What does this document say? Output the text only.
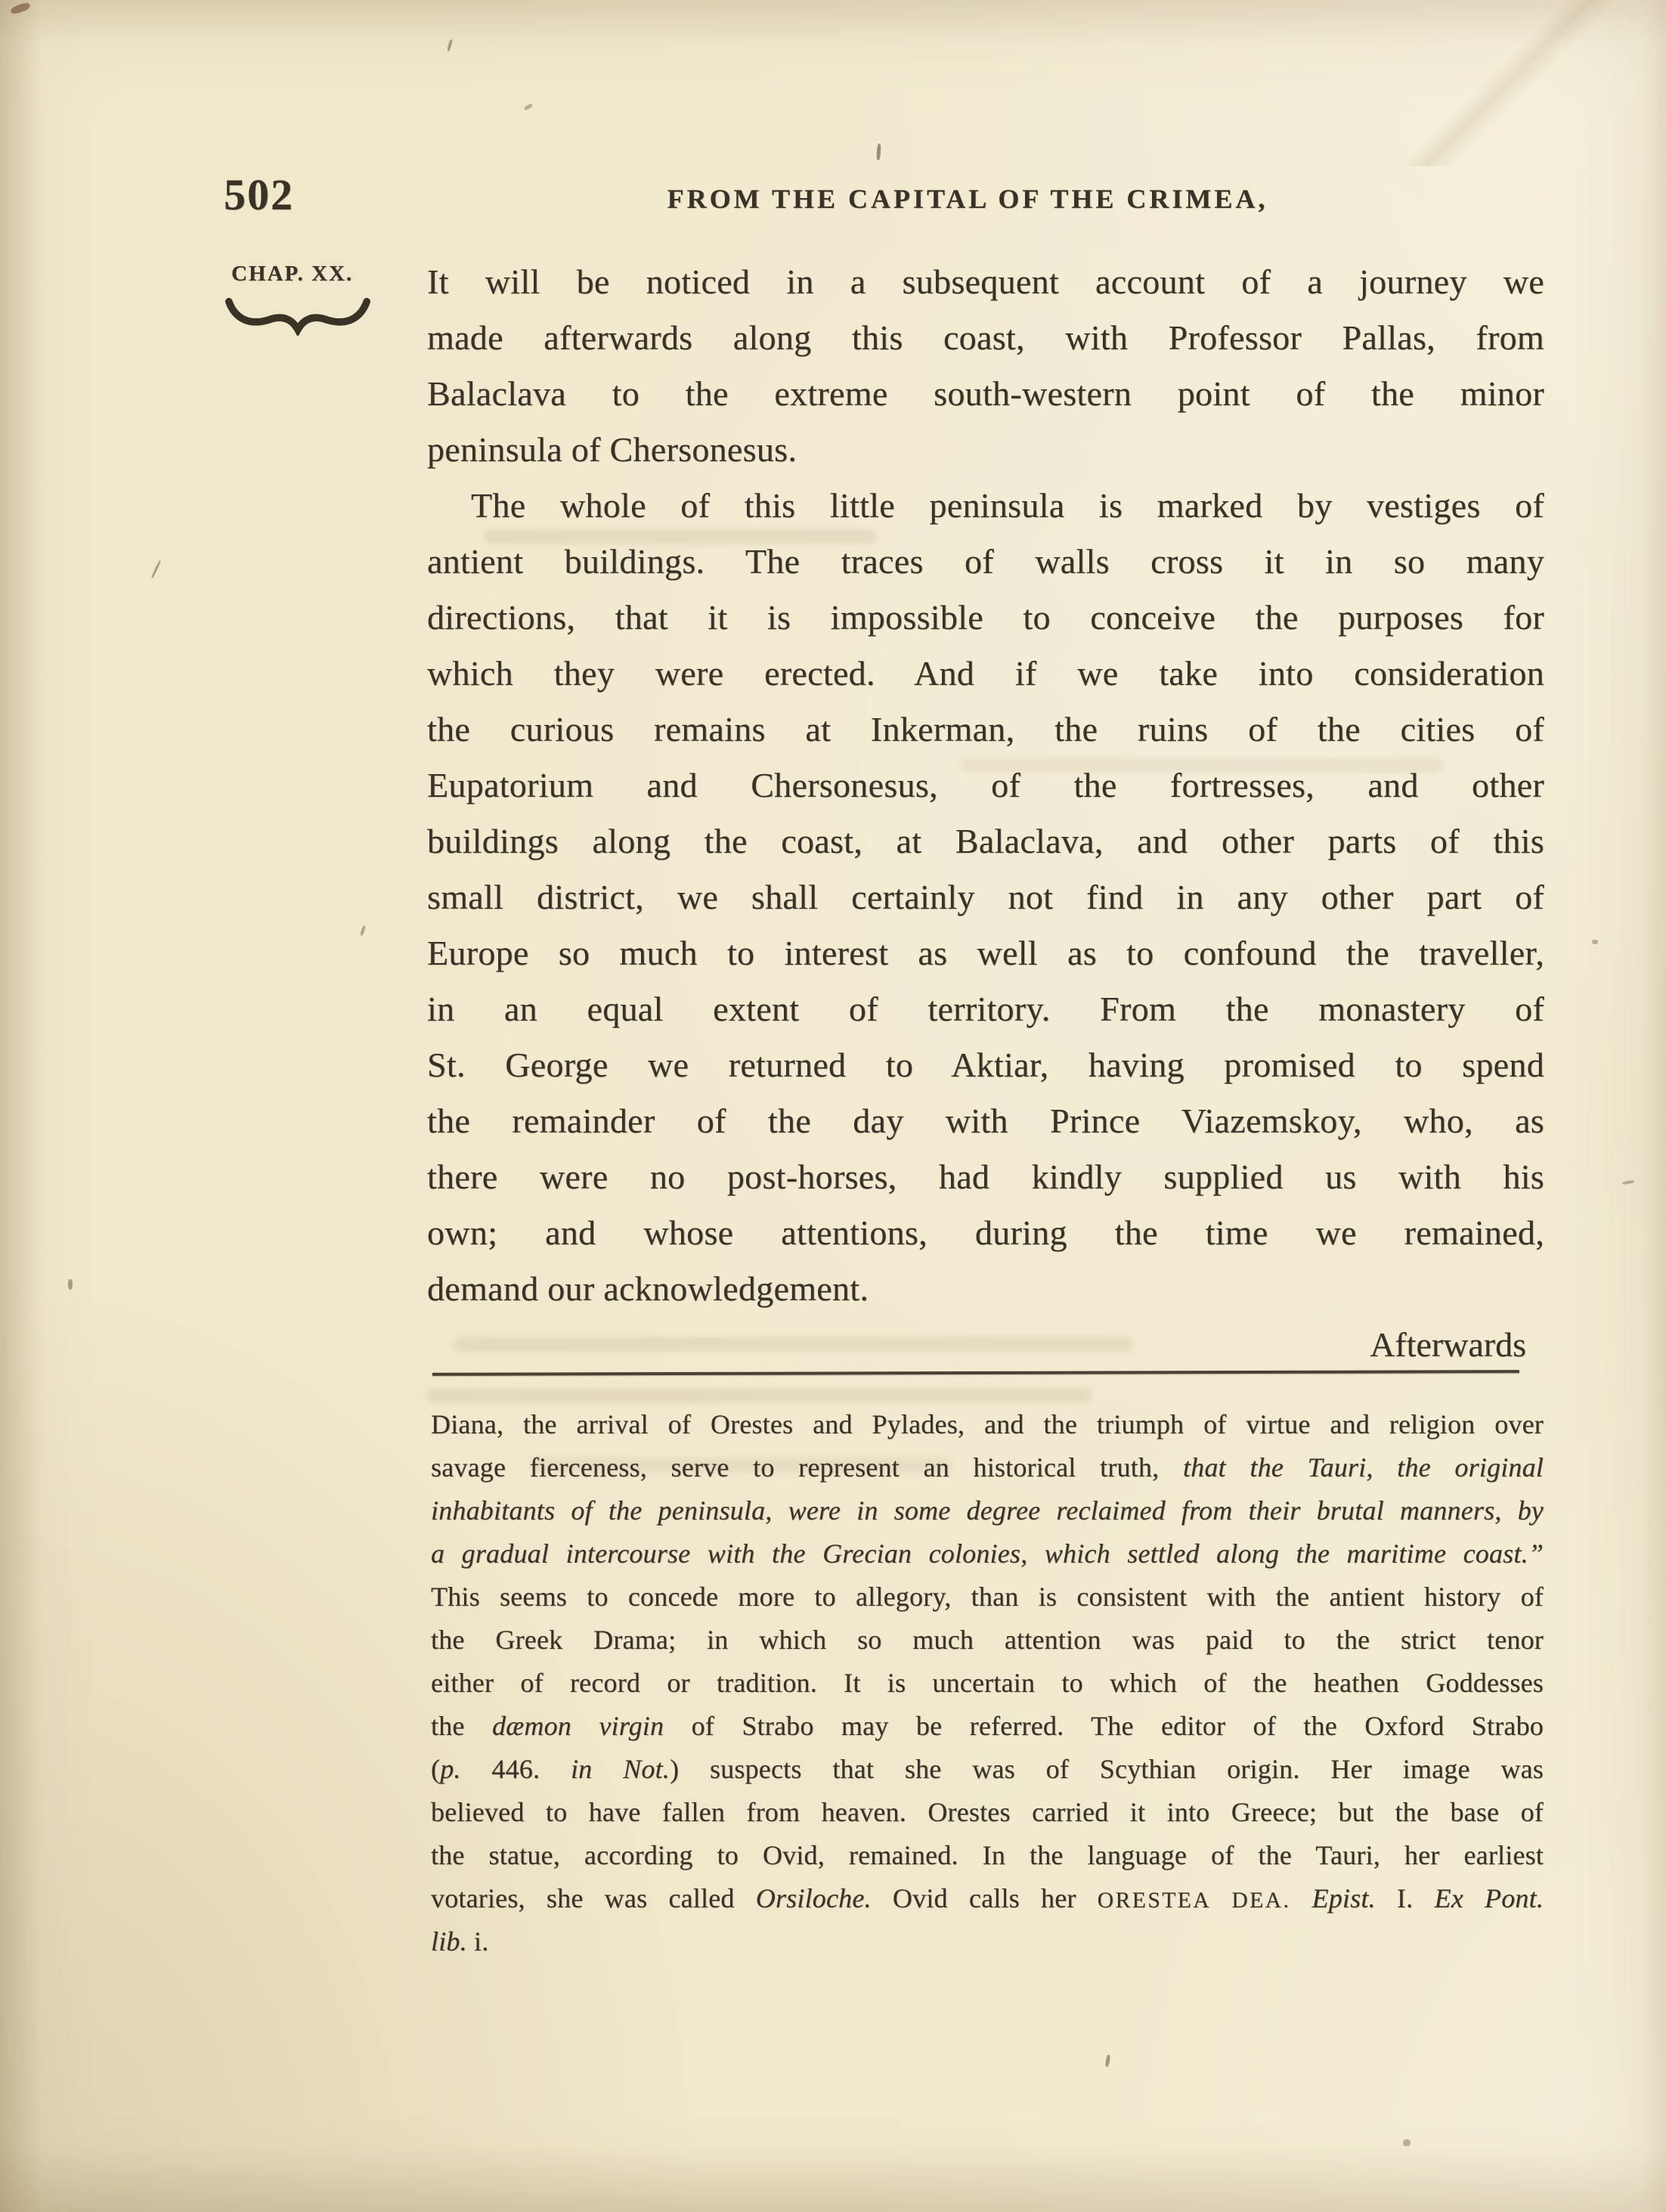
502	FROM THE CAPITAL OF THE CRIMEA,
CHAP. XX. It will be noticed in a subsequent account of a journey we
made afterwards along this coast, with Professor Pallas, from
Balaclava to the extreme south-western point of the minor
peninsula of Chersonesus.
The whole of this little peninsula is marked by vestiges of
antient buildings. The traces of walls cross it in so many
directions, that it is impossible to conceive the purposes for
which they were erected. And if we take into consideration
the curious remains at Inkerman, the ruins of the cities of
Eupatorium and Chersonesus, of the fortresses, and other
buildings along the coast, at Balaclava, and other parts of this
small district, we shall certainly not find in any other part of
Europe so much to interest as well as to confound the traveller,
in an equal extent of territory. From the monastery of
St. George we returned to Aktiar, having promised to spend
the remainder of the day with Prince Viazemskoy, who, as
there were no post-horses, had kindly supplied us with his
own; and whose attentions, during the time we remained,
demand our acknowledgement.
Afterwards
Diana, the arrival of Orestes and Pylades, and the triumph of virtue and religion over
savage fierceness, serve to represent an historical truth, that the Tauri, the original
inhabitants of the peninsula, were in some degree reclaimed from their brutal manners, by
a gradual intercourse with the Grecian colonies, which settled along the maritime coast.”
This seems to concede more to allegory, than is consistent with the antient history of
the Greek Drama; in which so much attention was paid to the strict tenor
either of record or tradition. It is uncertain to which of the heathen Goddesses
the dæmon virgin of Strabo may be referred. The editor of the Oxford Strabo
(p. 446. in Not.) suspects that she was of Scythian origin. Her image was
believed to have fallen from heaven. Orestes carried it into Greece; but the base of
the statue, according to Ovid, remained. In the language of the Tauri, her earliest
votaries, she was called Orsiloche. Ovid calls her ORESTEA DEA. Epist. I. Ex Pont.
lib. i.
